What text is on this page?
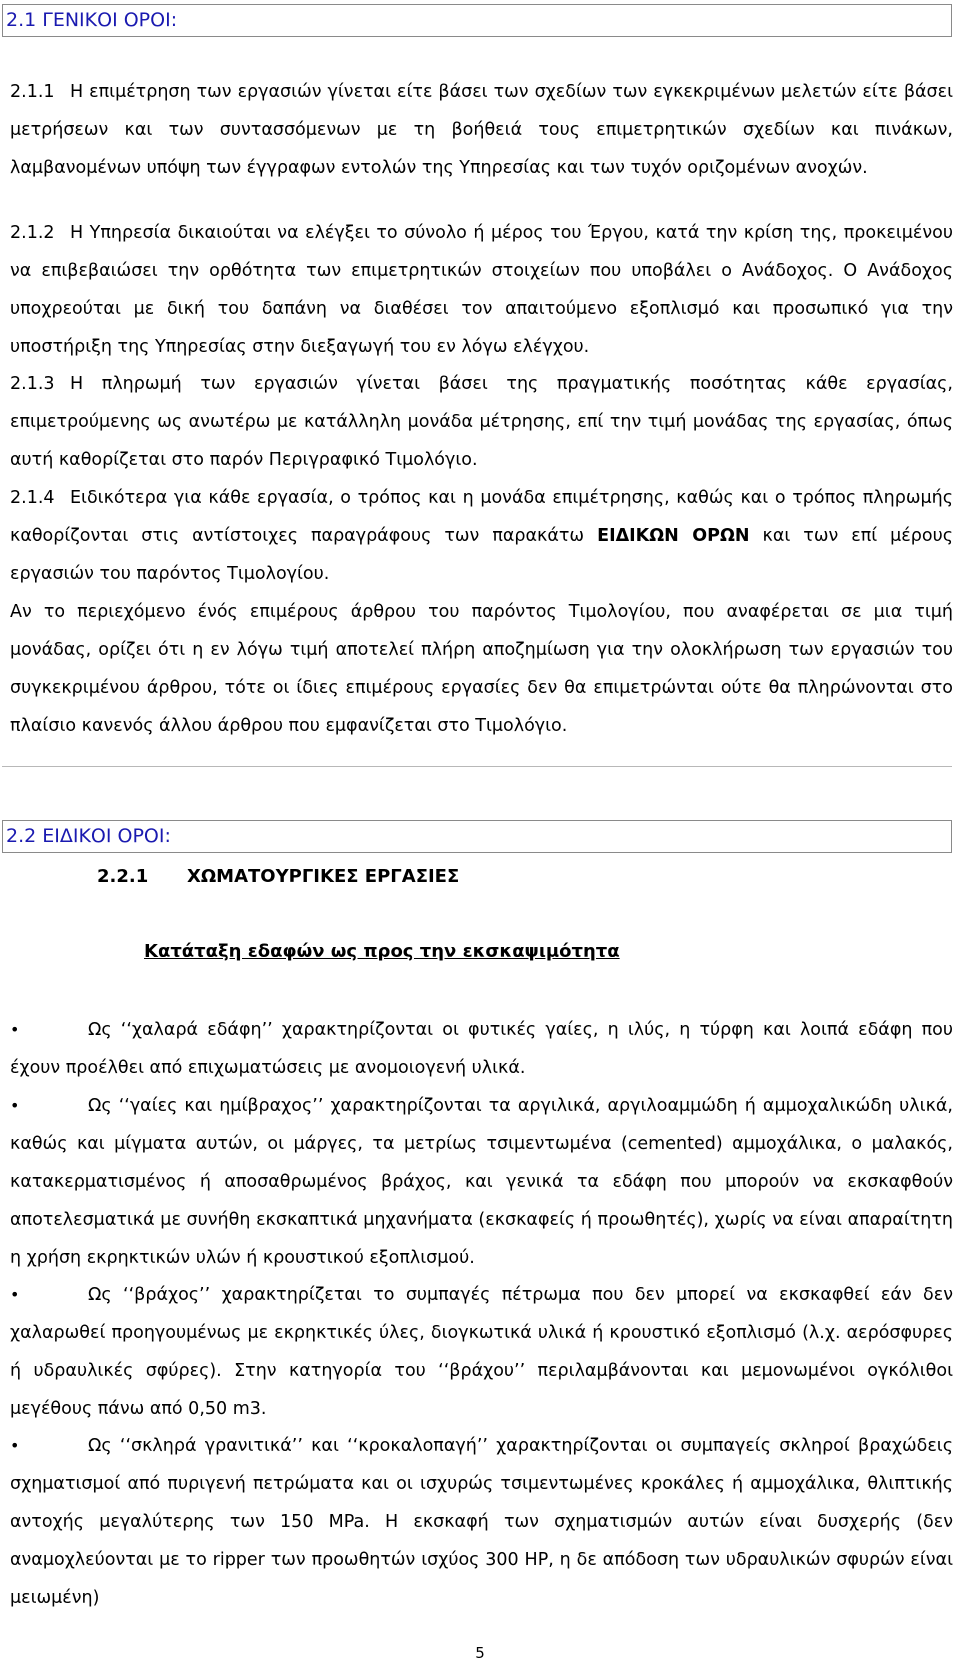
2.1 ΓΕΝΙΚΟΙ ΟΡΟΙ:

2.1.1 Η επιμέτρηση των εργασιών γίνεται είτε βάσει των σχεδίων των εγκεκριμένων μελετών είτε βάσει μετρήσεων και των συντασσόμενων με τη βοήθειά τους επιμετρητικών σχεδίων και πινάκων, λαμβανομένων υπόψη των έγγραφων εντολών της Υπηρεσίας και των τυχόν οριζομένων ανοχών.

2.1.2 Η Υπηρεσία δικαιούται να ελέγξει το σύνολο ή μέρος του Έργου, κατά την κρίση της, προκειμένου να επιβεβαιώσει την ορθότητα των επιμετρητικών στοιχείων που υποβάλει ο Ανάδοχος. Ο Ανάδοχος υποχρεούται με δική του δαπάνη να διαθέσει τον απαιτούμενο εξοπλισμό και προσωπικό για την υποστήριξη της Υπηρεσίας στην διεξαγωγή του εν λόγω ελέγχου.

2.1.3 Η πληρωμή των εργασιών γίνεται βάσει της πραγματικής ποσότητας κάθε εργασίας, επιμετρούμενης ως ανωτέρω με κατάλληλη μονάδα μέτρησης, επί την τιμή μονάδας της εργασίας, όπως αυτή καθορίζεται στο παρόν Περιγραφικό Τιμολόγιο.

2.1.4 Ειδικότερα για κάθε εργασία, ο τρόπος και η μονάδα επιμέτρησης, καθώς και ο τρόπος πληρωμής καθορίζονται στις αντίστοιχες παραγράφους των παρακάτω ΕΙΔΙΚΩΝ ΟΡΩΝ και των επί μέρους εργασιών του παρόντος Τιμολογίου.

Αν το περιεχόμενο ένός επιμέρους άρθρου του παρόντος Τιμολογίου, που αναφέρεται σε μια τιμή μονάδας, ορίζει ότι η εν λόγω τιμή αποτελεί πλήρη αποζημίωση για την ολοκλήρωση των εργασιών του συγκεκριμένου άρθρου, τότε οι ίδιες επιμέρους εργασίες δεν θα επιμετρώνται ούτε θα πληρώνονται στο πλαίσιο κανενός άλλου άρθρου που εμφανίζεται στο Τιμολόγιο.

2.2 ΕΙΔΙΚΟΙ ΟΡΟΙ:
2.2.1 ΧΩΜΑΤΟΥΡΓΙΚΕΣ ΕΡΓΑΣΙΕΣ
Κατάταξη εδαφών ως προς την εκσκαψιμότητα

•	Ως ‘‘χαλαρά εδάφη’’ χαρακτηρίζονται οι φυτικές γαίες, η ιλύς, η τύρφη και λοιπά εδάφη που έχουν προέλθει από επιχωματώσεις με ανομοιογενή υλικά.

•	Ως ‘‘γαίες και ημίβραχος’’ χαρακτηρίζονται τα αργιλικά, αργιλοαμμώδη ή αμμοχαλικώδη υλικά, καθώς και μίγματα αυτών, οι μάργες, τα μετρίως τσιμεντωμένα (cemented) αμμοχάλικα, ο μαλακός, κατακερματισμένος ή αποσαθρωμένος βράχος, και γενικά τα εδάφη που μπορούν να εκσκαφθούν αποτελεσματικά με συνήθη εκσκαπτικά μηχανήματα (εκσκαφείς ή προωθητές), χωρίς να είναι απαραίτητη η χρήση εκρηκτικών υλών ή κρουστικού εξοπλισμού.

•	Ως ‘‘βράχος’’ χαρακτηρίζεται το συμπαγές πέτρωμα που δεν μπορεί να εκσκαφθεί εάν δεν χαλαρωθεί προηγουμένως με εκρηκτικές ύλες, διογκωτικά υλικά ή κρουστικό εξοπλισμό (λ.χ. αερόσφυρες ή υδραυλικές σφύρες). Στην κατηγορία του ‘‘βράχου’’ περιλαμβάνονται και μεμονωμένοι ογκόλιθοι μεγέθους πάνω από 0,50 m3.

•	Ως ‘‘σκληρά γρανιτικά’’ και ‘‘κροκαλοπαγή’’ χαρακτηρίζονται οι συμπαγείς σκληροί βραχώδεις σχηματισμοί από πυριγενή πετρώματα και οι ισχυρώς τσιμεντωμένες κροκάλες ή αμμοχάλικα, θλιπτικής αντοχής μεγαλύτερης των 150 MPa. Η εκσκαφή των σχηματισμών αυτών είναι δυσχερής (δεν αναμοχλεύονται με το ripper των προωθητών ισχύος 300 HP, η δε απόδοση των υδραυλικών σφυρών είναι μειωμένη)

5
